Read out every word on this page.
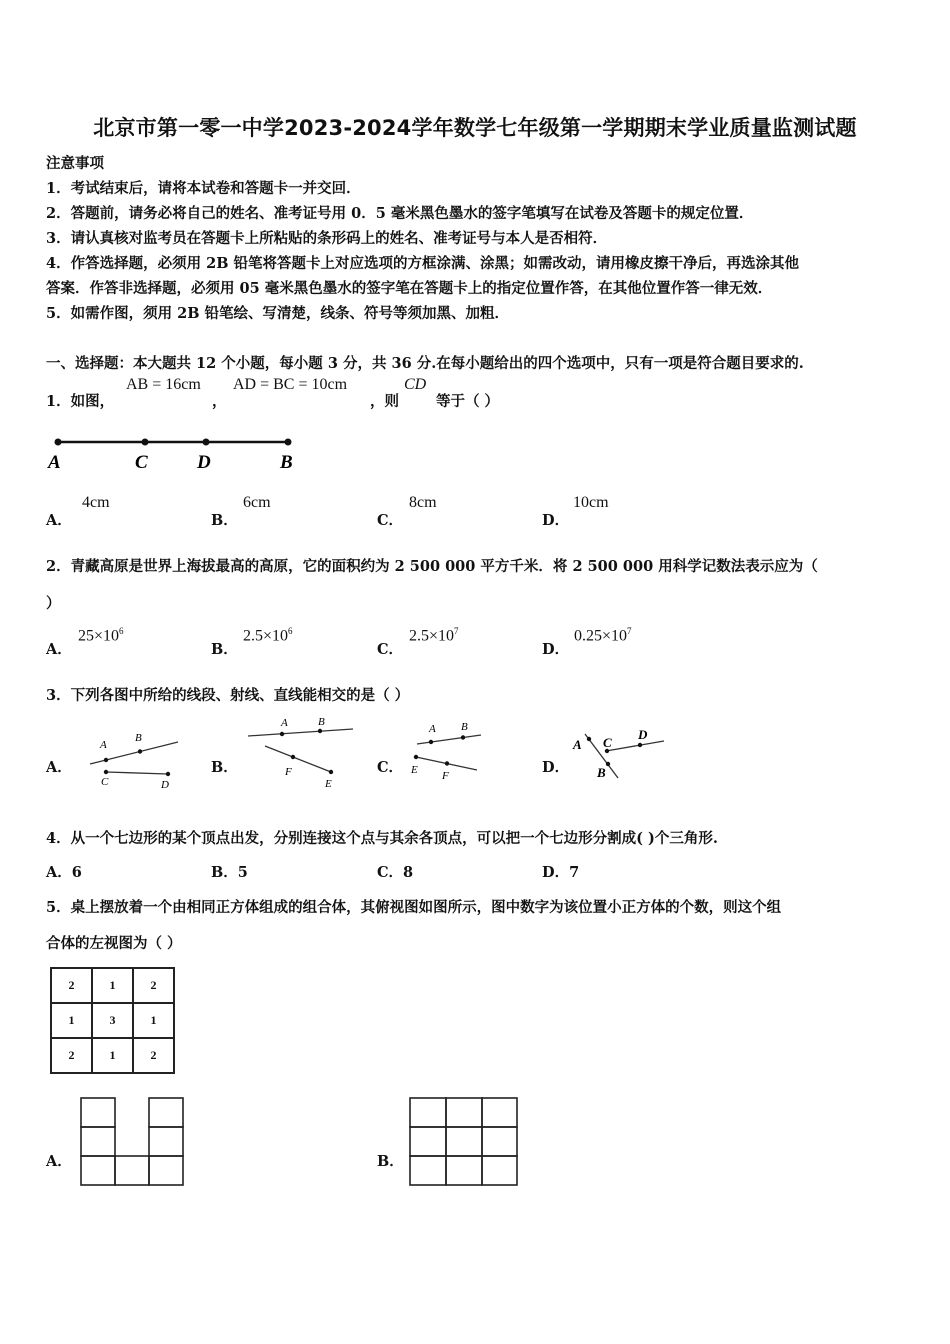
北京市第一零一中学2023-2024学年数学七年级第一学期期末学业质量监测试题
注意事项
1．考试结束后，请将本试卷和答题卡一并交回．
2．答题前，请务必将自己的姓名、准考证号用 0．5 毫米黑色墨水的签字笔填写在试卷及答题卡的规定位置．
3．请认真核对监考员在答题卡上所粘贴的条形码上的姓名、准考证号与本人是否相符．
4．作答选择题，必须用 2B 铅笔将答题卡上对应选项的方框涂满、涂黑；如需改动，请用橡皮擦干净后，再选涂其他
答案．作答非选择题，必须用 05 毫米黑色墨水的签字笔在答题卡上的指定位置作答，在其他位置作答一律无效．
5．如需作图，须用 2B 铅笔绘、写清楚，线条、符号等须加黑、加粗．
一、选择题：本大题共 12 个小题，每小题 3 分，共 36 分.在每小题给出的四个选项中，只有一项是符合题目要求的.
1．如图，
AB = 16cm
，
AD = BC = 10cm
，则
CD
等于（ ）
A	C	D	B
A．
4cm
B．
6cm
C．
8cm
D．
10cm
2．青藏高原是世界上海拔最高的高原，它的面积约为 2 500 000 平方千米．将 2 500 000 用科学记数法表示应为（
）
A．
$25\times 10^6$
B．
$2.5\times 10^6$
C．
$2.5\times 10^7$
D．
$0.25\times 10^7$
3．下列各图中所给的线段、射线、直线能相交的是（ ）
A．
A
B
C	D
B．
A	B
F
E
C．
A B
E F	D．
A C
D
B
4．从一个七边形的某个顶点出发，分别连接这个点与其余各顶点，可以把一个七边形分割成( )个三角形.
A．6	B．5	C．8	D．7
5．桌上摆放着一个由相同正方体组成的组合体，其俯视图如图所示，图中数字为该位置小正方体的个数，则这个组
合体的左视图为（ ）
2	1	2
1	3	1
2	1	2
A．	B．
